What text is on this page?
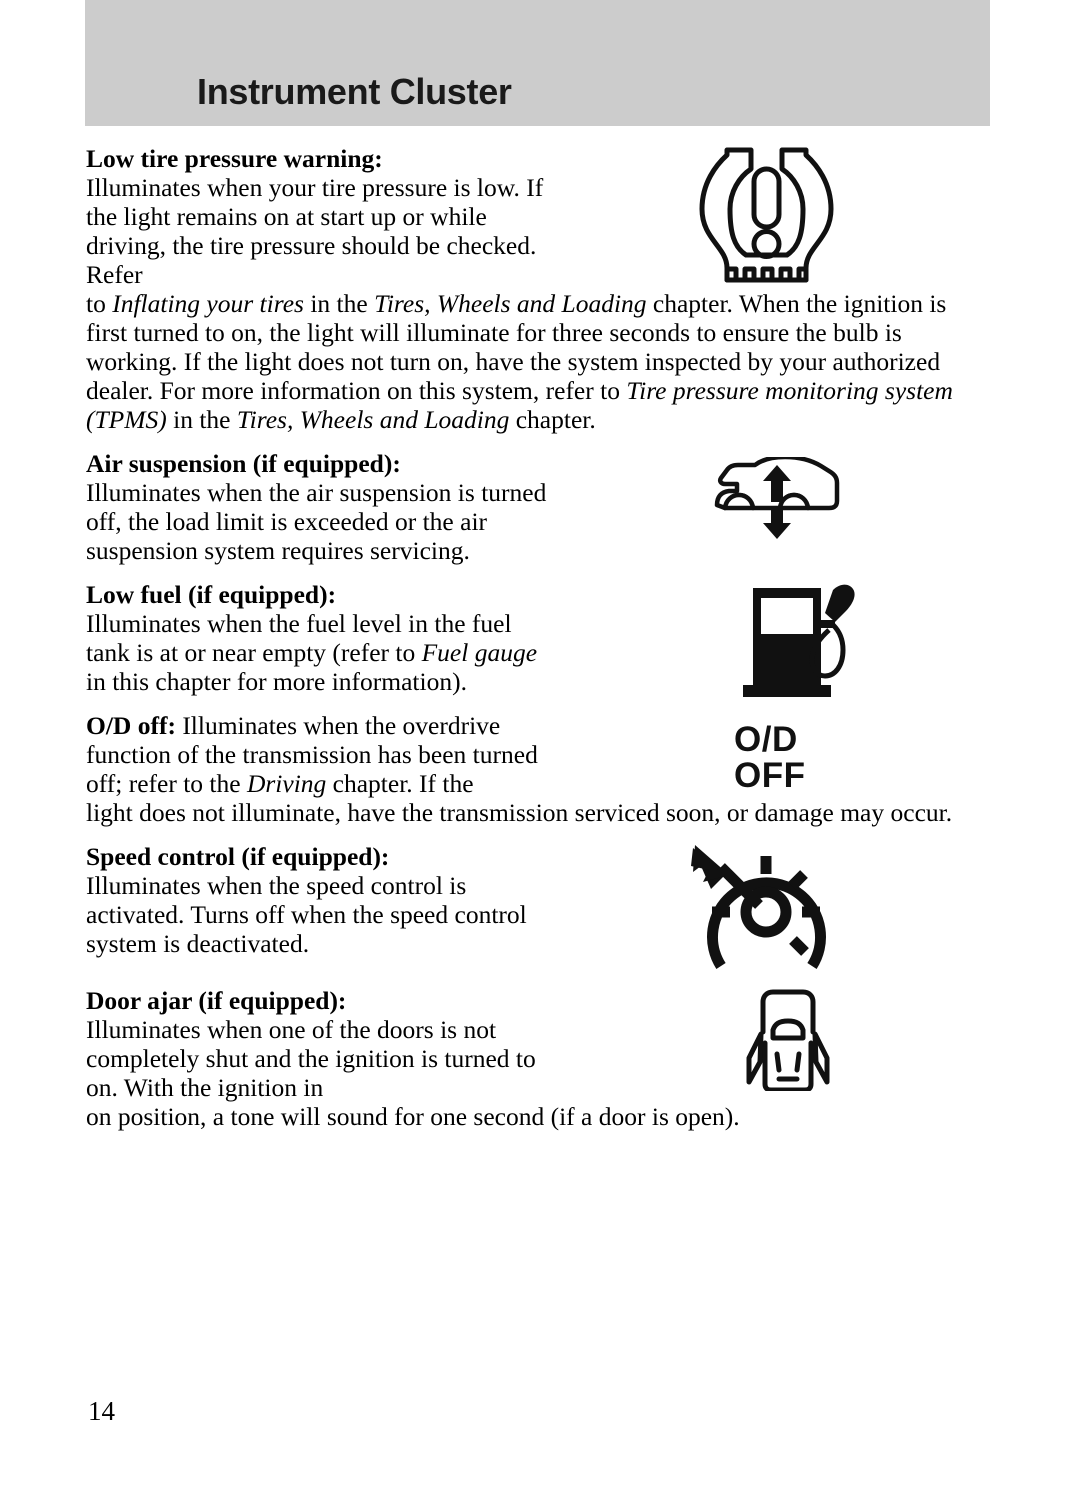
Instrument Cluster

Low tire pressure warning:
Illuminates when your tire pressure is low. If the light remains on at start up or while driving, the tire pressure should be checked. Refer

to Inflating your tires in the Tires, Wheels and Loading chapter. When the ignition is first turned to on, the light will illuminate for three seconds to ensure the bulb is working. If the light does not turn on, have the system inspected by your authorized dealer. For more information on this system, refer to Tire pressure monitoring system (TPMS) in the Tires, Wheels and Loading chapter.

Air suspension (if equipped):
Illuminates when the air suspension is turned off, the load limit is exceeded or the air suspension system requires servicing.

Low fuel (if equipped):
Illuminates when the fuel level in the fuel tank is at or near empty (refer to Fuel gauge in this chapter for more information).

O/D
OFF

O/D off: Illuminates when the overdrive function of the transmission has been turned off; refer to the Driving chapter. If the

light does not illuminate, have the transmission serviced soon, or damage may occur.

Speed control (if equipped):
Illuminates when the speed control is activated. Turns off when the speed control system is deactivated.

Door ajar (if equipped):
Illuminates when one of the doors is not completely shut and the ignition is turned to on. With the ignition in

on position, a tone will sound for one second (if a door is open).

14
